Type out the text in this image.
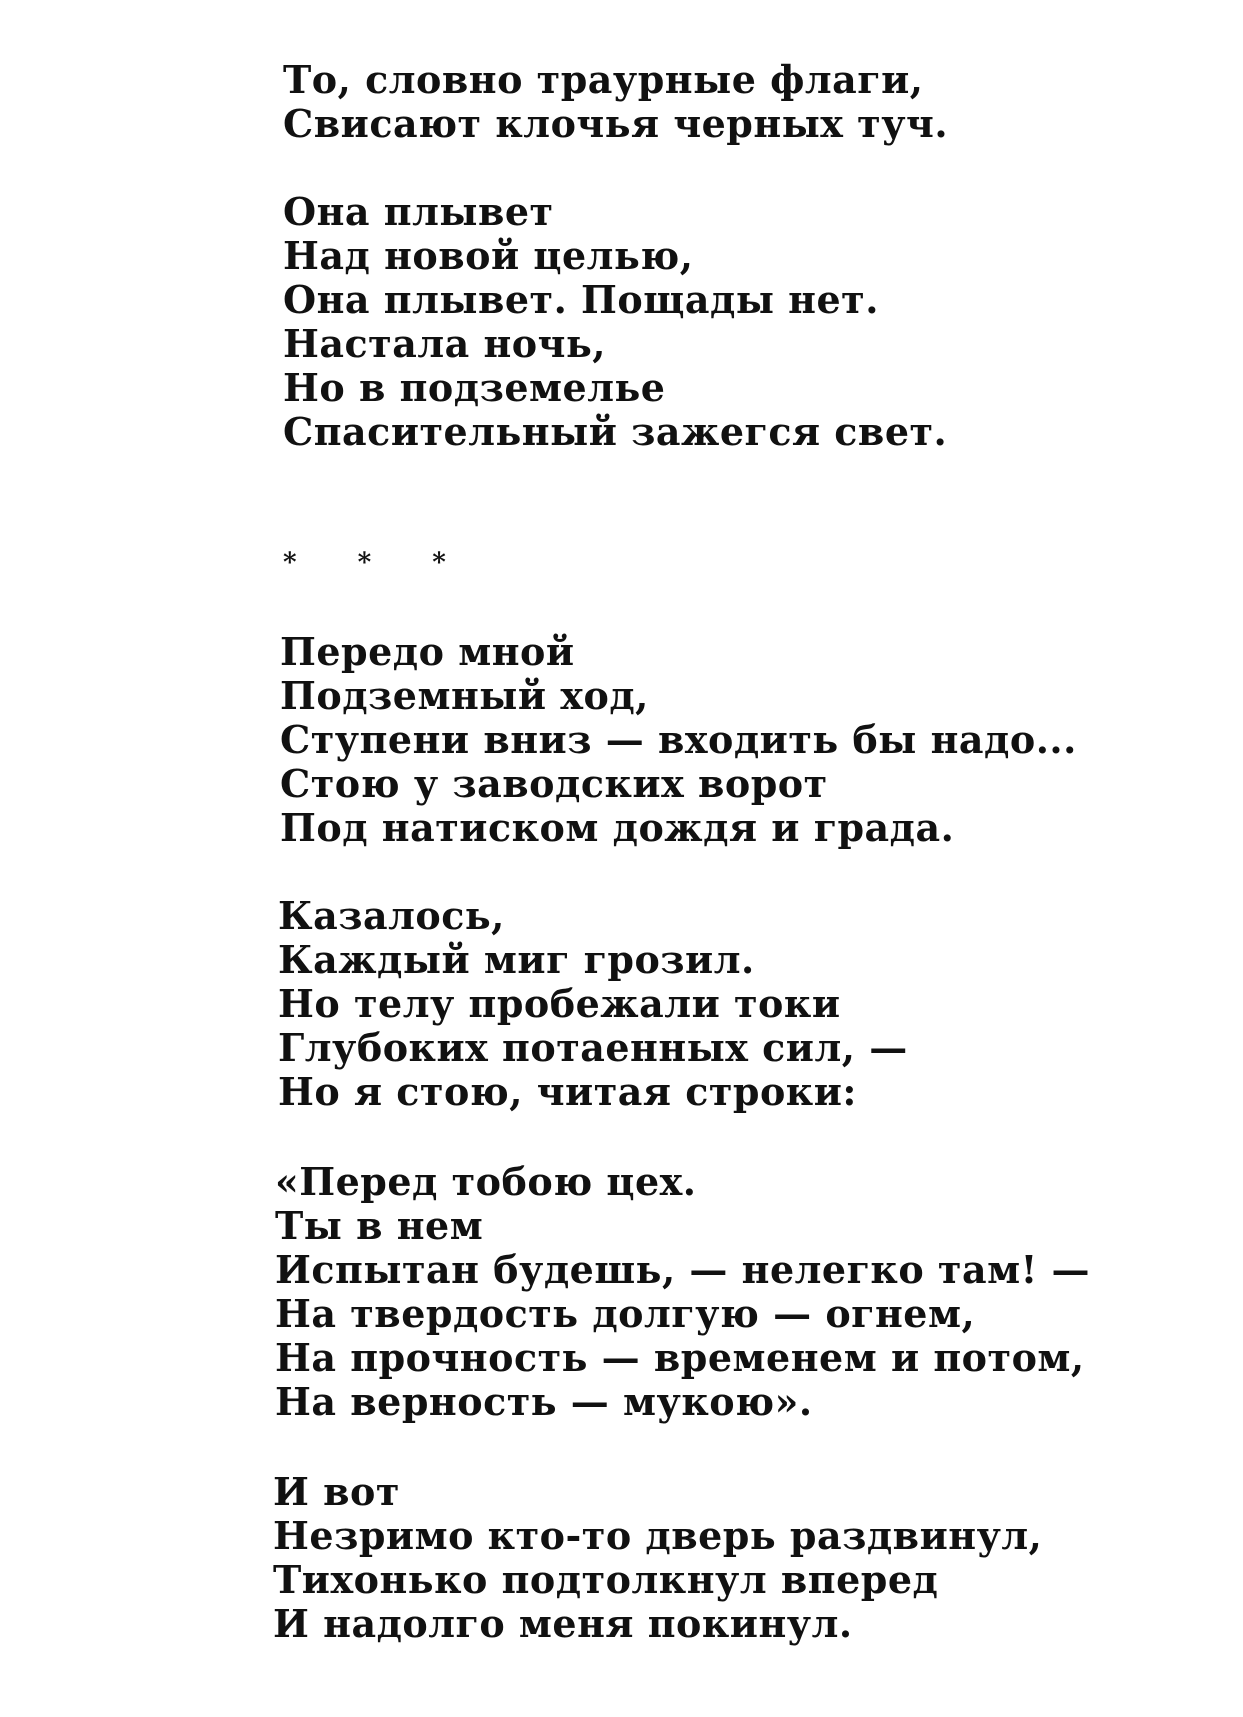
То, словно траурные флаги,
Свисают клочья черных туч.
Она плывет
Над новой целью,
Она плывет. Пощады нет.
Настала ночь,
Но в подземелье
Спасительный зажегся свет.
* * *
Передо мной
Подземный ход,
Ступени вниз — входить бы надо...
Стою у заводских ворот
Под натиском дождя и града.
Казалось,
Каждый миг грозил.
Но телу пробежали токи
Глубоких потаенных сил, —
Но я стою, читая строки:
«Перед тобою цех.
Ты в нем
Испытан будешь, — нелегко там! —
На твердость долгую — огнем,
На прочность — временем и потом,
На верность — мукою».
И вот
Незримо кто-то дверь раздвинул,
Тихонько подтолкнул вперед
И надолго меня покинул.
